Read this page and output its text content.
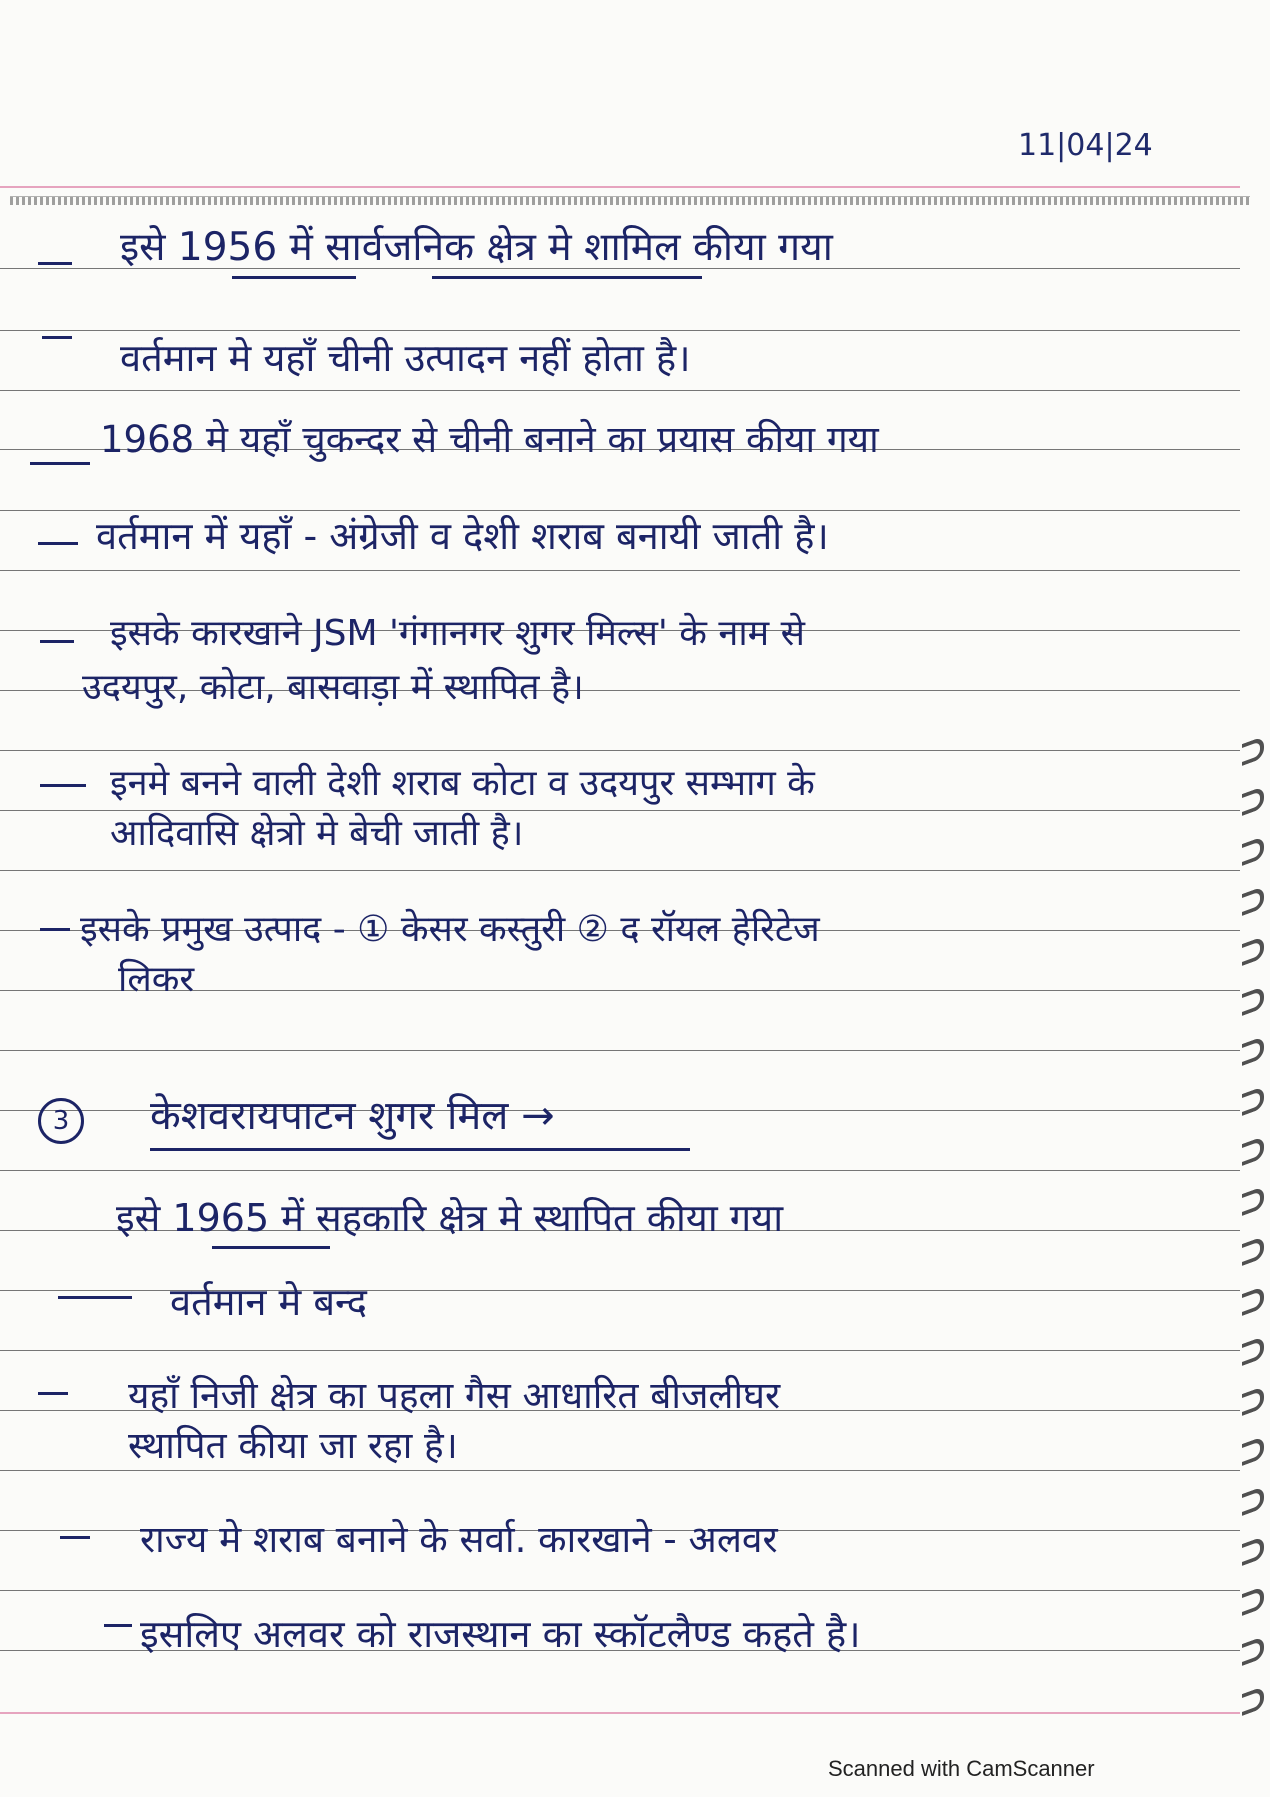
11|04|24
इसे 1956 में सार्वजनिक क्षेत्र मे शामिल कीया गया
वर्तमान मे यहाँ चीनी उत्पादन नहीं होता है।
1968 मे यहाँ चुकन्दर से चीनी बनाने का प्रयास कीया गया
वर्तमान में यहाँ - अंग्रेजी व देशी शराब बनायी जाती है।
इसके कारखाने JSM 'गंगानगर शुगर मिल्स' के नाम से
उदयपुर, कोटा, बासवाड़ा में स्थापित है।
इनमे बनने वाली देशी शराब कोटा व उदयपुर सम्भाग के
आदिवासि क्षेत्रो मे बेची जाती है।
इसके प्रमुख उत्पाद - ① केसर कस्तुरी ② द रॉयल हेरिटेज
लिकर
3 केशवरायपाटन शुगर मिल →
इसे 1965 में सहकारि क्षेत्र मे स्थापित कीया गया
वर्तमान मे बन्द
यहाँ निजी क्षेत्र का पहला गैस आधारित बीजलीघर
स्थापित कीया जा रहा है।
राज्य मे शराब बनाने के सर्वा. कारखाने - अलवर
इसलिए अलवर को राजस्थान का स्कॉटलैण्ड कहते है।
Scanned with CamScanner
